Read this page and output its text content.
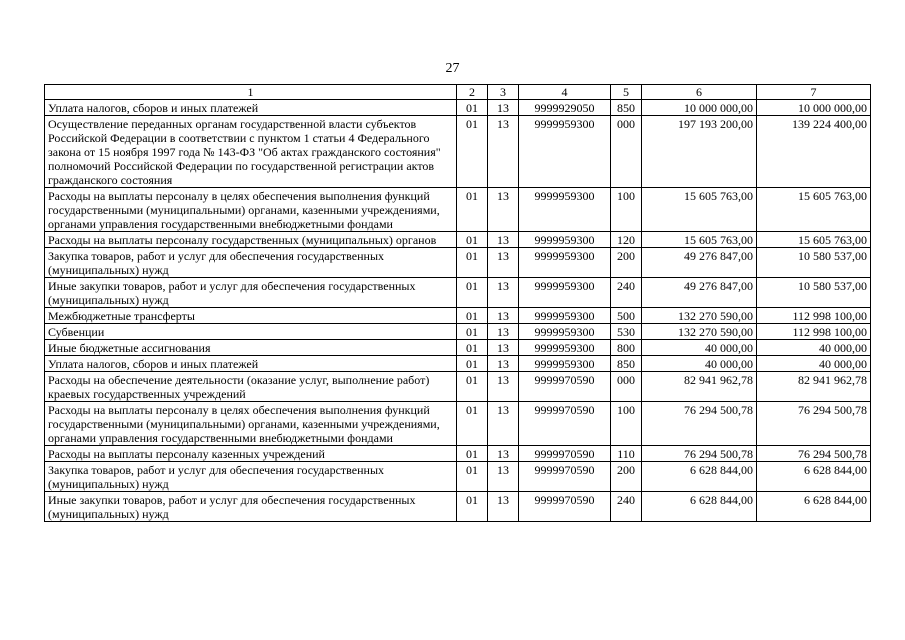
27
1	2	3	4	5	6	7
Уплата налогов, сборов и иных платежей	01	13	9999929050	850	10 000 000,00	10 000 000,00
Осуществление переданных органам государственной власти субъектов Российской Федерации в соответствии с пунктом 1 статьи 4 Федерального закона от 15 ноября 1997 года № 143-ФЗ "Об актах гражданского состояния" полномочий Российской Федерации по государственной регистрации актов гражданского состояния	01	13	9999959300	000	197 193 200,00	139 224 400,00
Расходы на выплаты персоналу в целях обеспечения выполнения функций государственными (муниципальными) органами, казенными учреждениями, органами управления государственными внебюджетными фондами	01	13	9999959300	100	15 605 763,00	15 605 763,00
Расходы на выплаты персоналу государственных (муниципальных) органов	01	13	9999959300	120	15 605 763,00	15 605 763,00
Закупка товаров, работ и услуг для обеспечения государственных (муниципальных) нужд	01	13	9999959300	200	49 276 847,00	10 580 537,00
Иные закупки товаров, работ и услуг для обеспечения государственных (муниципальных) нужд	01	13	9999959300	240	49 276 847,00	10 580 537,00
Межбюджетные трансферты	01	13	9999959300	500	132 270 590,00	112 998 100,00
Субвенции	01	13	9999959300	530	132 270 590,00	112 998 100,00
Иные бюджетные ассигнования	01	13	9999959300	800	40 000,00	40 000,00
Уплата налогов, сборов и иных платежей	01	13	9999959300	850	40 000,00	40 000,00
Расходы на обеспечение деятельности (оказание услуг, выполнение работ) краевых государственных учреждений	01	13	9999970590	000	82 941 962,78	82 941 962,78
Расходы на выплаты персоналу в целях обеспечения выполнения функций государственными (муниципальными) органами, казенными учреждениями, органами управления государственными внебюджетными фондами	01	13	9999970590	100	76 294 500,78	76 294 500,78
Расходы на выплаты персоналу казенных учреждений	01	13	9999970590	110	76 294 500,78	76 294 500,78
Закупка товаров, работ и услуг для обеспечения государственных (муниципальных) нужд	01	13	9999970590	200	6 628 844,00	6 628 844,00
Иные закупки товаров, работ и услуг для обеспечения государственных (муниципальных) нужд	01	13	9999970590	240	6 628 844,00	6 628 844,00
